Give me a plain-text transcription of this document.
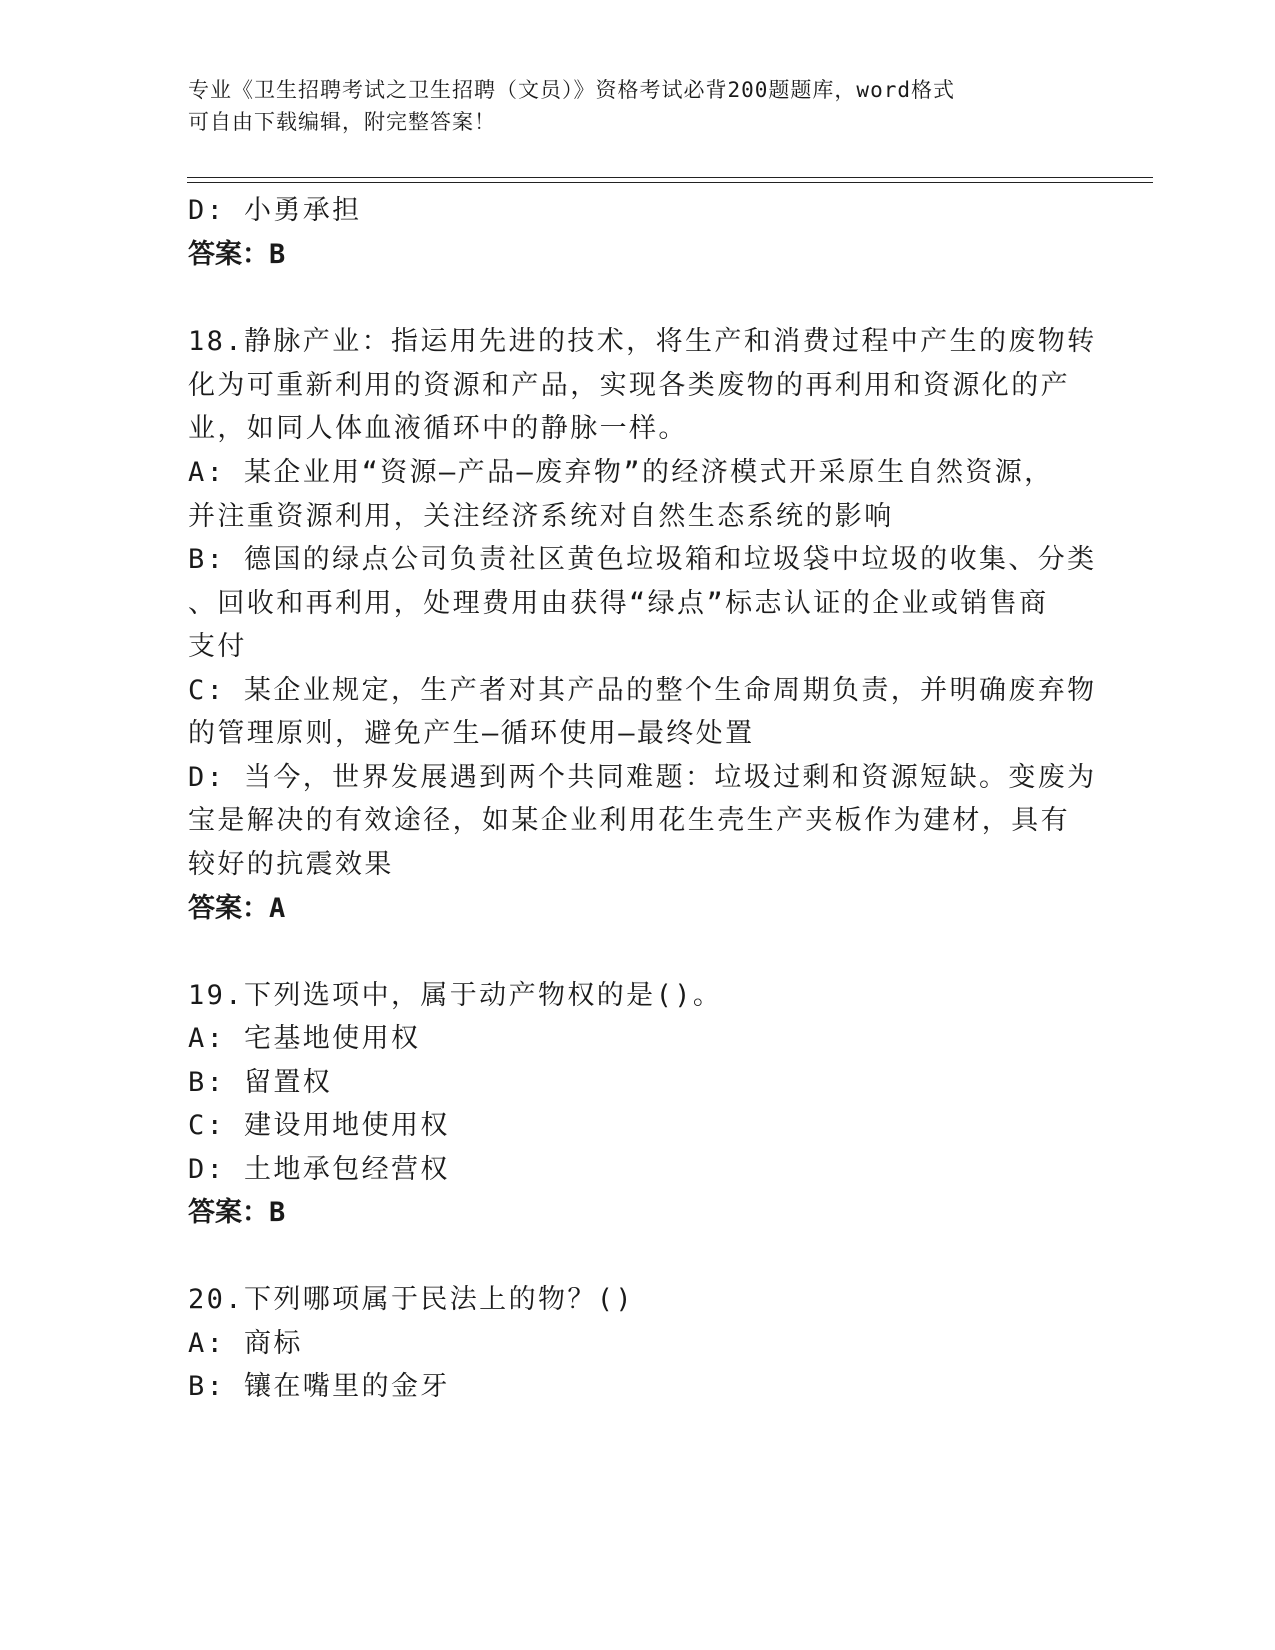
专业《卫生招聘考试之卫生招聘（文员）》资格考试必背200题题库，word格式
可自由下载编辑，附完整答案！
D: 小勇承担
答案：B
18.静脉产业：指运用先进的技术，将生产和消费过程中产生的废物转
化为可重新利用的资源和产品，实现各类废物的再利用和资源化的产
业，如同人体血液循环中的静脉一样。
A: 某企业用“资源—产品—废弃物”的经济模式开采原生自然资源，
并注重资源利用，关注经济系统对自然生态系统的影响
B: 德国的绿点公司负责社区黄色垃圾箱和垃圾袋中垃圾的收集、分类
、回收和再利用，处理费用由获得“绿点”标志认证的企业或销售商
支付
C: 某企业规定，生产者对其产品的整个生命周期负责，并明确废弃物
的管理原则，避免产生—循环使用—最终处置
D: 当今，世界发展遇到两个共同难题：垃圾过剩和资源短缺。变废为
宝是解决的有效途径，如某企业利用花生壳生产夹板作为建材，具有
较好的抗震效果
答案：A
19.下列选项中，属于动产物权的是()。
A: 宅基地使用权
B: 留置权
C: 建设用地使用权
D: 土地承包经营权
答案：B
20.下列哪项属于民法上的物？()
A: 商标
B: 镶在嘴里的金牙
